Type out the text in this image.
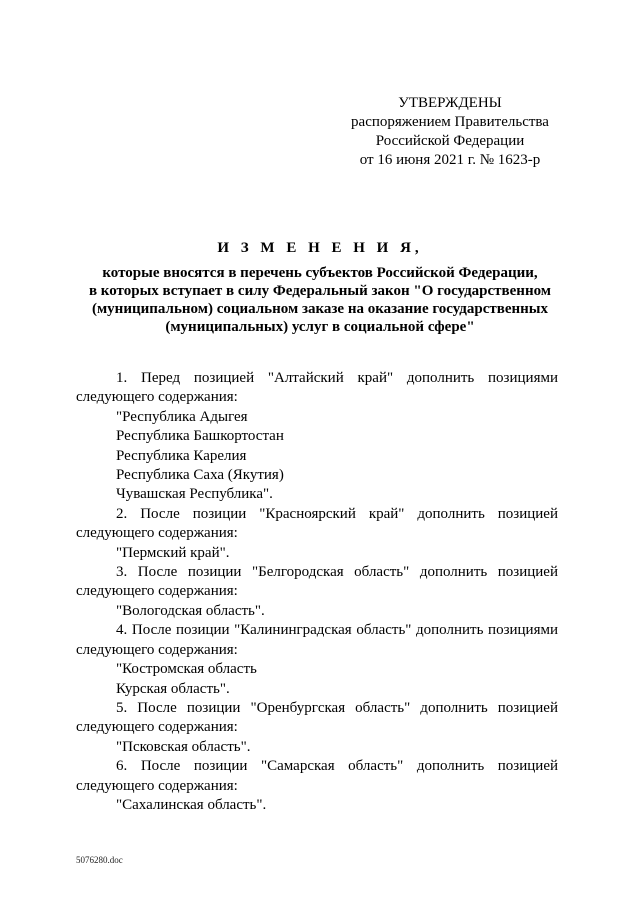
УТВЕРЖДЕНЫ
распоряжением Правительства
Российской Федерации
от 16 июня 2021 г. № 1623-р
И З М Е Н Е Н И Я,
которые вносятся в перечень субъектов Российской Федерации,
в которых вступает в силу Федеральный закон "О государственном
(муниципальном) социальном заказе на оказание государственных
(муниципальных) услуг в социальной сфере"
1. Перед позицией "Алтайский край" дополнить позициями
следующего содержания:
"Республика Адыгея
Республика Башкортостан
Республика Карелия
Республика Саха (Якутия)
Чувашская Республика".
2. После позиции "Красноярский край" дополнить позицией
следующего содержания:
"Пермский край".
3. После позиции "Белгородская область" дополнить позицией
следующего содержания:
"Вологодская область".
4. После позиции "Калининградская область" дополнить позициями
следующего содержания:
"Костромская область
Курская область".
5. После позиции "Оренбургская область" дополнить позицией
следующего содержания:
"Псковская область".
6. После позиции "Самарская область" дополнить позицией
следующего содержания:
"Сахалинская область".
5076280.doc
